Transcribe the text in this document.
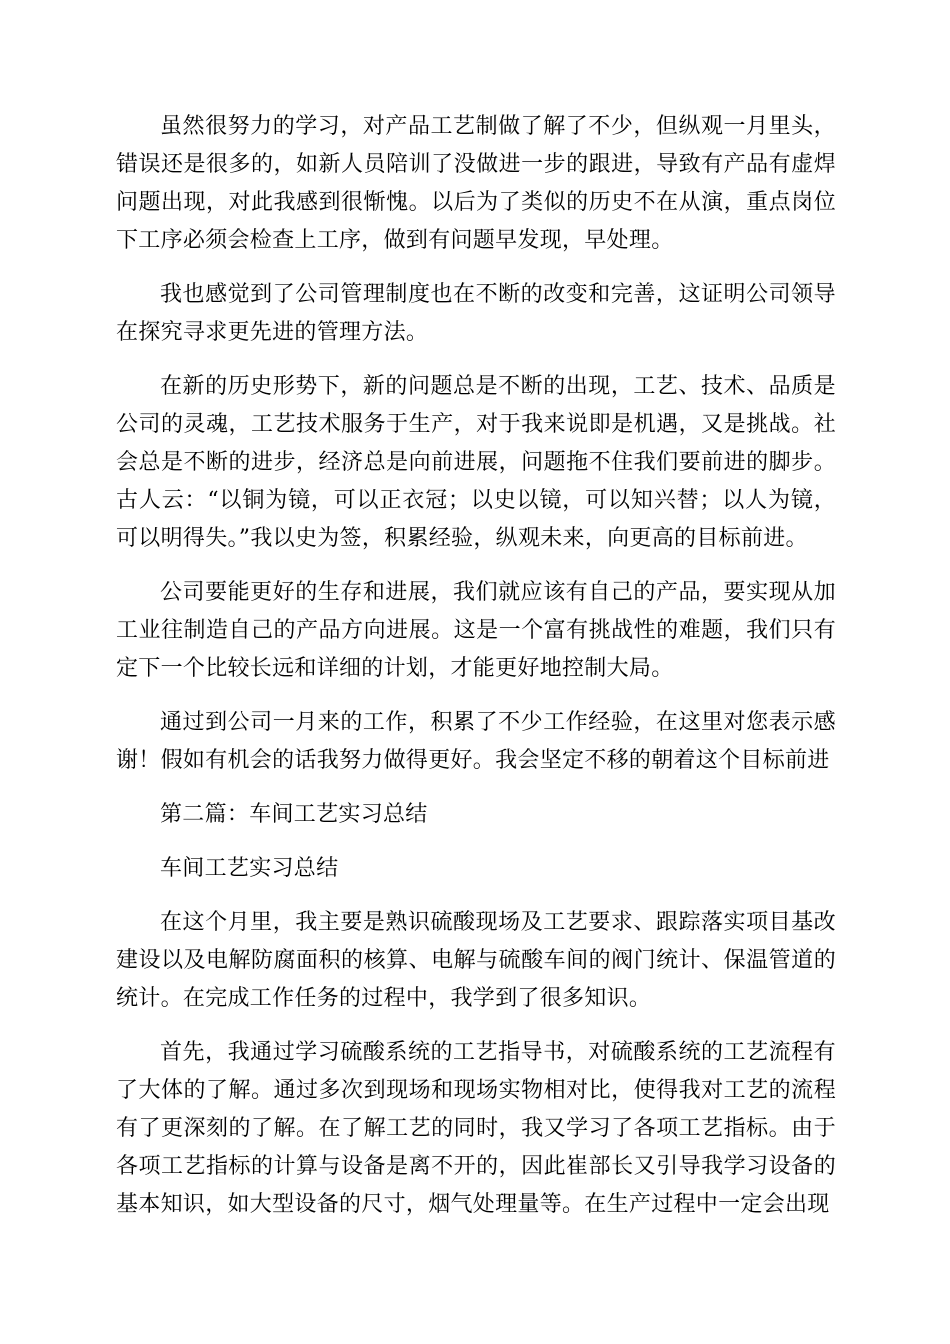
虽然很努力的学习，对产品工艺制做了解了不少，但纵观一月里头，错误还是很多的，如新人员陪训了没做进一步的跟进，导致有产品有虚焊问题出现，对此我感到很惭愧。以后为了类似的历史不在从演，重点岗位下工序必须会检查上工序，做到有问题早发现，早处理。

我也感觉到了公司管理制度也在不断的改变和完善，这证明公司领导在探究寻求更先进的管理方法。

在新的历史形势下，新的问题总是不断的出现，工艺、技术、品质是公司的灵魂，工艺技术服务于生产，对于我来说即是机遇，又是挑战。社会总是不断的进步，经济总是向前进展，问题拖不住我们要前进的脚步。古人云：“以铜为镜，可以正衣冠；以史以镜，可以知兴替；以人为镜，可以明得失。”我以史为签，积累经验，纵观未来，向更高的目标前进。

公司要能更好的生存和进展，我们就应该有自己的产品，要实现从加工业往制造自己的产品方向进展。这是一个富有挑战性的难题，我们只有定下一个比较长远和详细的计划，才能更好地控制大局。

通过到公司一月来的工作，积累了不少工作经验，在这里对您表示感谢！假如有机会的话我努力做得更好。我会坚定不移的朝着这个目标前进

第二篇：车间工艺实习总结

车间工艺实习总结

在这个月里，我主要是熟识硫酸现场及工艺要求、跟踪落实项目基改建设以及电解防腐面积的核算、电解与硫酸车间的阀门统计、保温管道的统计。在完成工作任务的过程中，我学到了很多知识。

首先，我通过学习硫酸系统的工艺指导书，对硫酸系统的工艺流程有了大体的了解。通过多次到现场和现场实物相对比，使得我对工艺的流程有了更深刻的了解。在了解工艺的同时，我又学习了各项工艺指标。由于各项工艺指标的计算与设备是离不开的，因此崔部长又引导我学习设备的基本知识，如大型设备的尺寸，烟气处理量等。在生产过程中一定会出现
